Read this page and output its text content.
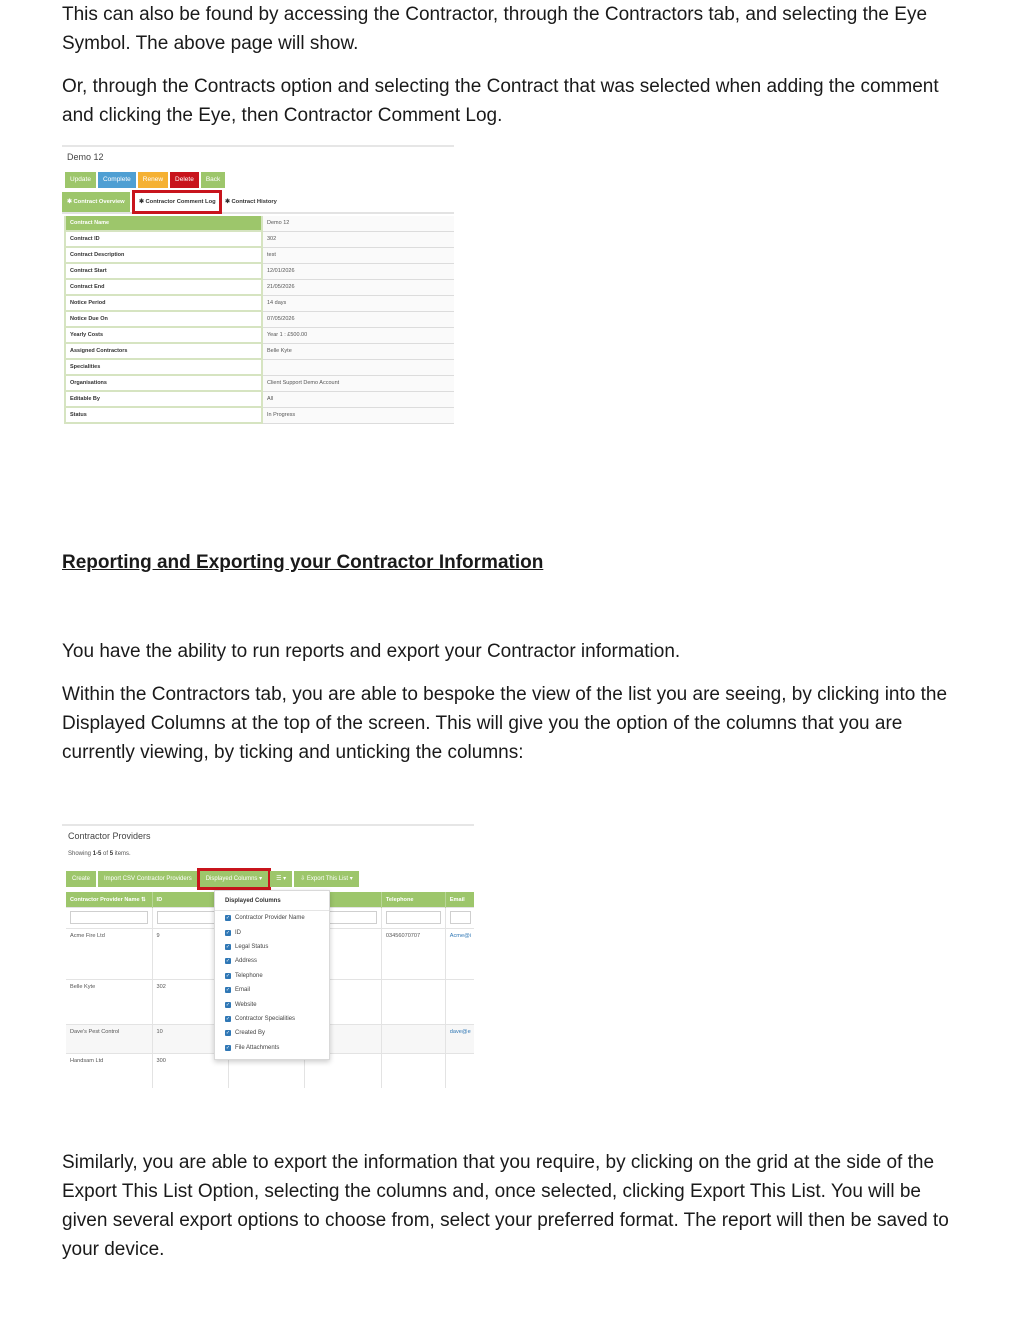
This can also be found by accessing the Contractor, through the Contractors tab, and selecting the Eye Symbol. The above page will show.

Or, through the Contracts option and selecting the Contract that was selected when adding the comment and clicking the Eye, then Contractor Comment Log.

Demo 12
Update	Complete	Renew	Delete	Back
✱ Contract Overview	✱ Contractor Comment Log	✱ Contract History
Contract Name	Demo 12
Contract ID	302
Contract Description	test
Contract Start	12/01/2026
Contract End	21/05/2026
Notice Period	14 days
Notice Due On	07/05/2026
Yearly Costs	Year 1 : £500.00
Assigned Contractors	Belle Kyte
Specialities	
Organisations	Client Support Demo Account
Editable By	All
Status	In Progress
Reporting and Exporting your Contractor Information

You have the ability to run reports and export your Contractor information.

Within the Contractors tab, you are able to bespoke the view of the list you are seeing, by clicking into the Displayed Columns at the top of the screen. This will give you the option of the columns that you are currently viewing, by ticking and unticking the columns:

Contractor Providers
Showing 1-5 of 5 items.
Create	Import CSV Contractor Providers	Displayed Columns ▾	☰ ▾	⇩ Export This List ▾
Contractor Provider Name ⇅	ID			Telephone	Email

Acme Fire Ltd	9			03456070707	Acme@i
Belle Kyte	302				
Dave's Pest Control	10				dave@e
Handsam Ltd	300				
Displayed Columns
✓ Contractor Provider Name
✓ ID
✓ Legal Status
✓ Address
✓ Telephone
✓ Email
✓ Website
✓ Contractor Specialities
✓ Created By
✓ File Attachments

Similarly, you are able to export the information that you require, by clicking on the grid at the side of the Export This List Option, selecting the columns and, once selected, clicking Export This List. You will be given several export options to choose from, select your preferred format. The report will then be saved to your device.
